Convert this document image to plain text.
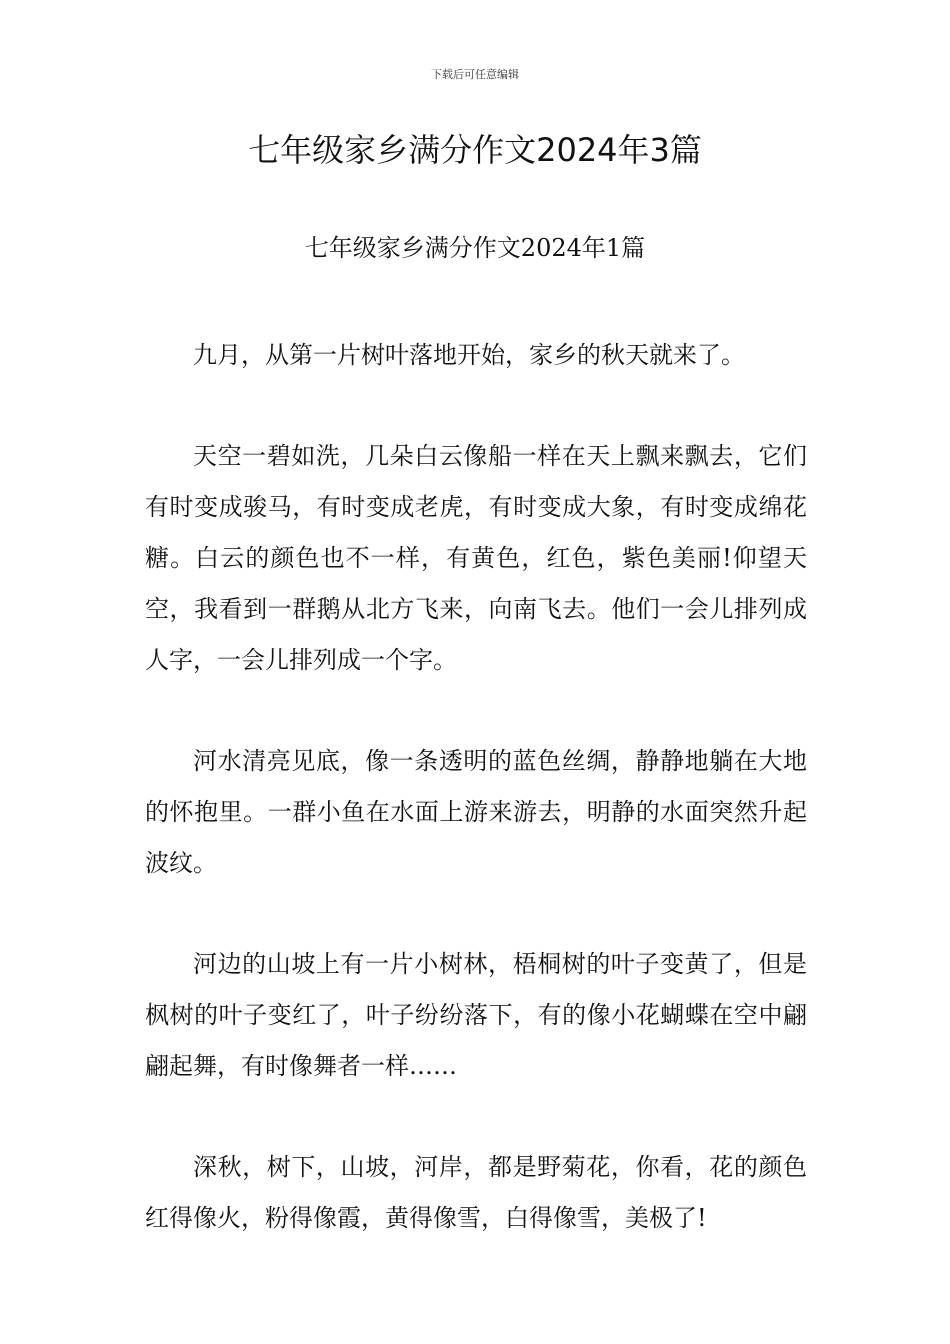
下载后可任意编辑
七年级家乡满分作文2024年3篇
七年级家乡满分作文2024年1篇

九月，从第一片树叶落地开始，家乡的秋天就来了。

天空一碧如洗，几朵白云像船一样在天上飘来飘去，它们有时变成骏马，有时变成老虎，有时变成大象，有时变成绵花糖。白云的颜色也不一样，有黄色，红色，紫色美丽!仰望天空，我看到一群鹅从北方飞来，向南飞去。他们一会儿排列成人字，一会儿排列成一个字。

河水清亮见底，像一条透明的蓝色丝绸，静静地躺在大地的怀抱里。一群小鱼在水面上游来游去，明静的水面突然升起波纹。

河边的山坡上有一片小树林，梧桐树的叶子变黄了，但是枫树的叶子变红了，叶子纷纷落下，有的像小花蝴蝶在空中翩翩起舞，有时像舞者一样……

深秋，树下，山坡，河岸，都是野菊花，你看，花的颜色红得像火，粉得像霞，黄得像雪，白得像雪，美极了!
